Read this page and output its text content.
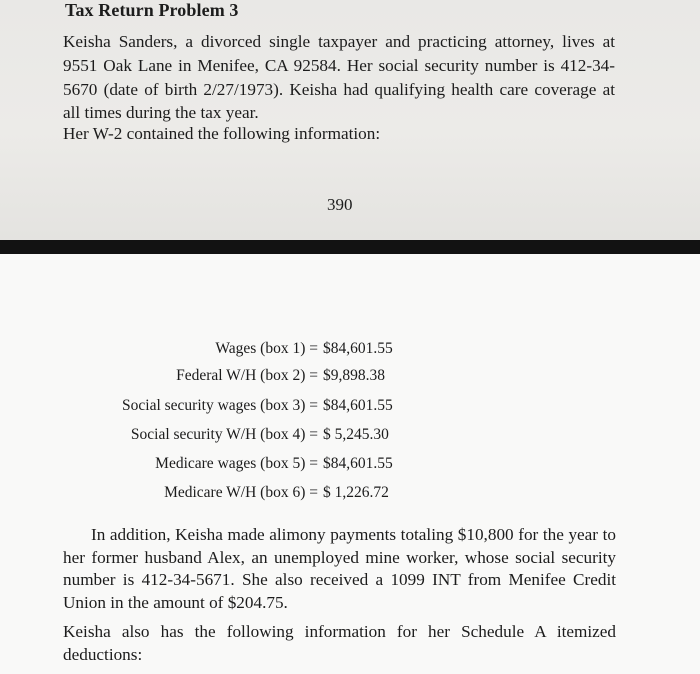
Tax Return Problem 3
Keisha Sanders, a divorced single taxpayer and practicing attorney, lives at 9551 Oak Lane in Menifee, CA 92584. Her social security number is 412-34-5670 (date of birth 2/27/1973). Keisha had qualifying health care coverage at all times during the tax year.
Her W-2 contained the following information:
390
Wages (box 1) = $84,601.55
Federal W/H (box 2) = $9,898.38
Social security wages (box 3) = $84,601.55
Social security W/H (box 4) = $ 5,245.30
Medicare wages (box 5) = $84,601.55
Medicare W/H (box 6) = $ 1,226.72
In addition, Keisha made alimony payments totaling $10,800 for the year to her former husband Alex, an unemployed mine worker, whose social security number is 412-34-5671. She also received a 1099 INT from Menifee Credit Union in the amount of $204.75.
Keisha also has the following information for her Schedule A itemized deductions:
